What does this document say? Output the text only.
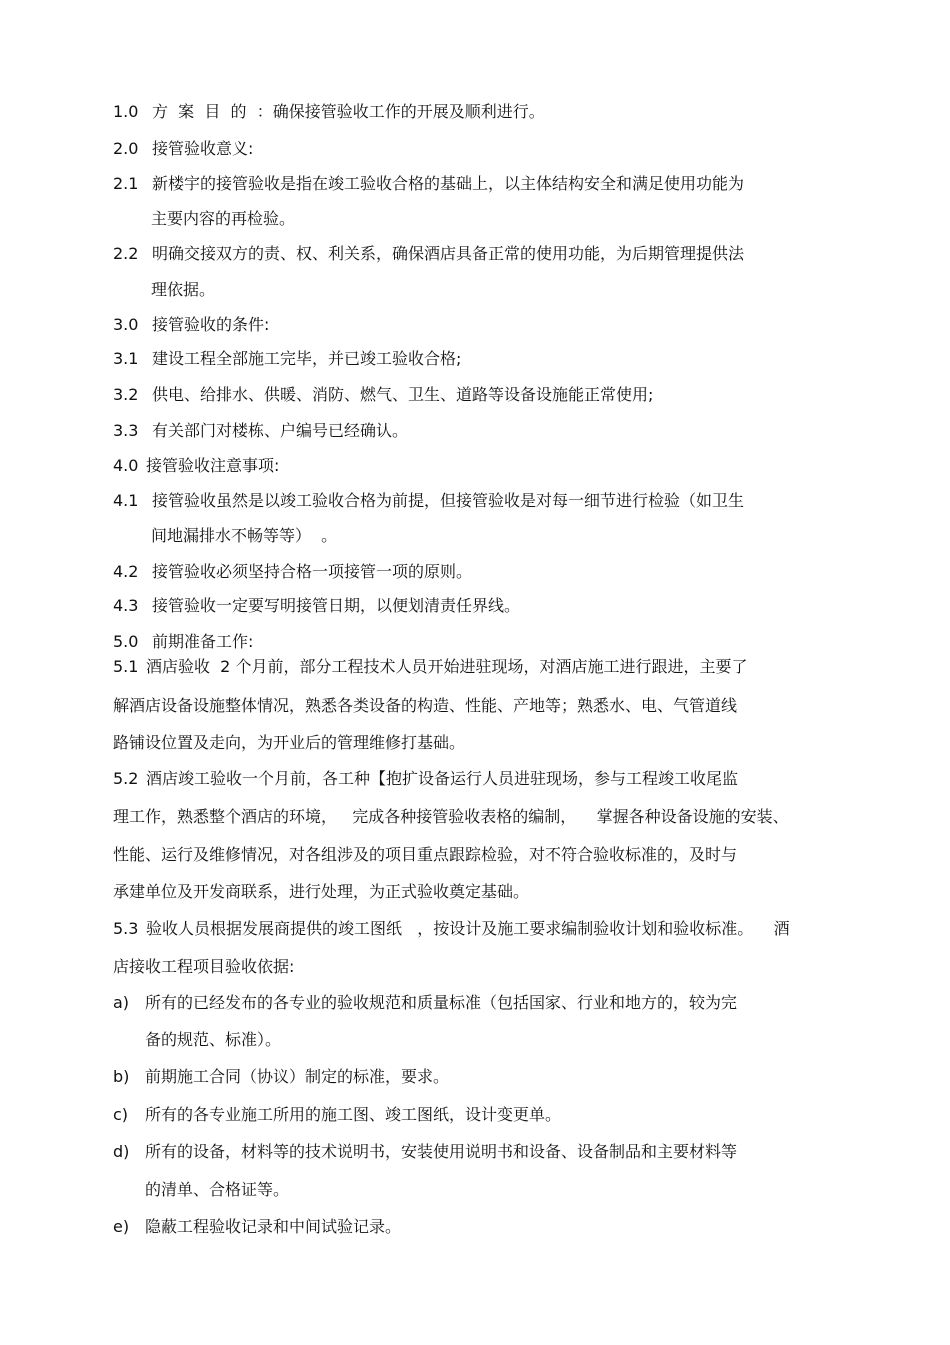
1.0 方  案  目  的  ：确保接管验收工作的开展及顺利进行。
2.0 接管验收意义:
2.1 新楼宇的接管验收是指在竣工验收合格的基础上，以主体结构安全和满足使用功能为
主要内容的再检验。
2.2 明确交接双方的责、权、利关系，确保酒店具备正常的使用功能，为后期管理提供法
理依据。
3.0 接管验收的条件:
3.1 建设工程全部施工完毕，并已竣工验收合格;
3.2 供电、给排水、供暖、消防、燃气、卫生、道路等设备设施能正常使用;
3.3 有关部门对楼栋、户编号已经确认。
4.0 接管验收注意事项:
4.1 接管验收虽然是以竣工验收合格为前提，但接管验收是对每一细节进行检验（如卫生
间地漏排水不畅等等）  。
4.2 接管验收必须坚持合格一项接管一项的原则。
4.3 接管验收一定要写明接管日期，以便划清责任界线。
5.0 前期准备工作:
5.1 酒店验收  2 个月前，部分工程技术人员开始进驻现场，对酒店施工进行跟进，主要了
解酒店设备设施整体情况，熟悉各类设备的构造、性能、产地等；熟悉水、电、气管道线
路铺设位置及走向，为开业后的管理维修打基础。
5.2 酒店竣工验收一个月前，各工种【抱扩设备运行人员进驻现场，参与工程竣工收尾监
理工作，熟悉整个酒店的环境，   完成各种接管验收表格的编制，    掌握各种设备设施的安装、
性能、运行及维修情况，对各组涉及的项目重点跟踪检验，对不符合验收标准的，及时与
承建单位及开发商联系，进行处理，为正式验收奠定基础。
5.3 验收人员根据发展商提供的竣工图纸   ，按设计及施工要求编制验收计划和验收标准。    酒
店接收工程项目验收依据:
a) 所有的已经发布的各专业的验收规范和质量标准（包括国家、行业和地方的，较为完
备的规范、标准）。
b) 前期施工合同（协议）制定的标准，要求。
c) 所有的各专业施工所用的施工图、竣工图纸，设计变更单。
d) 所有的设备，材料等的技术说明书，安装使用说明书和设备、设备制品和主要材料等
的清单、合格证等。
e) 隐蔽工程验收记录和中间试验记录。
